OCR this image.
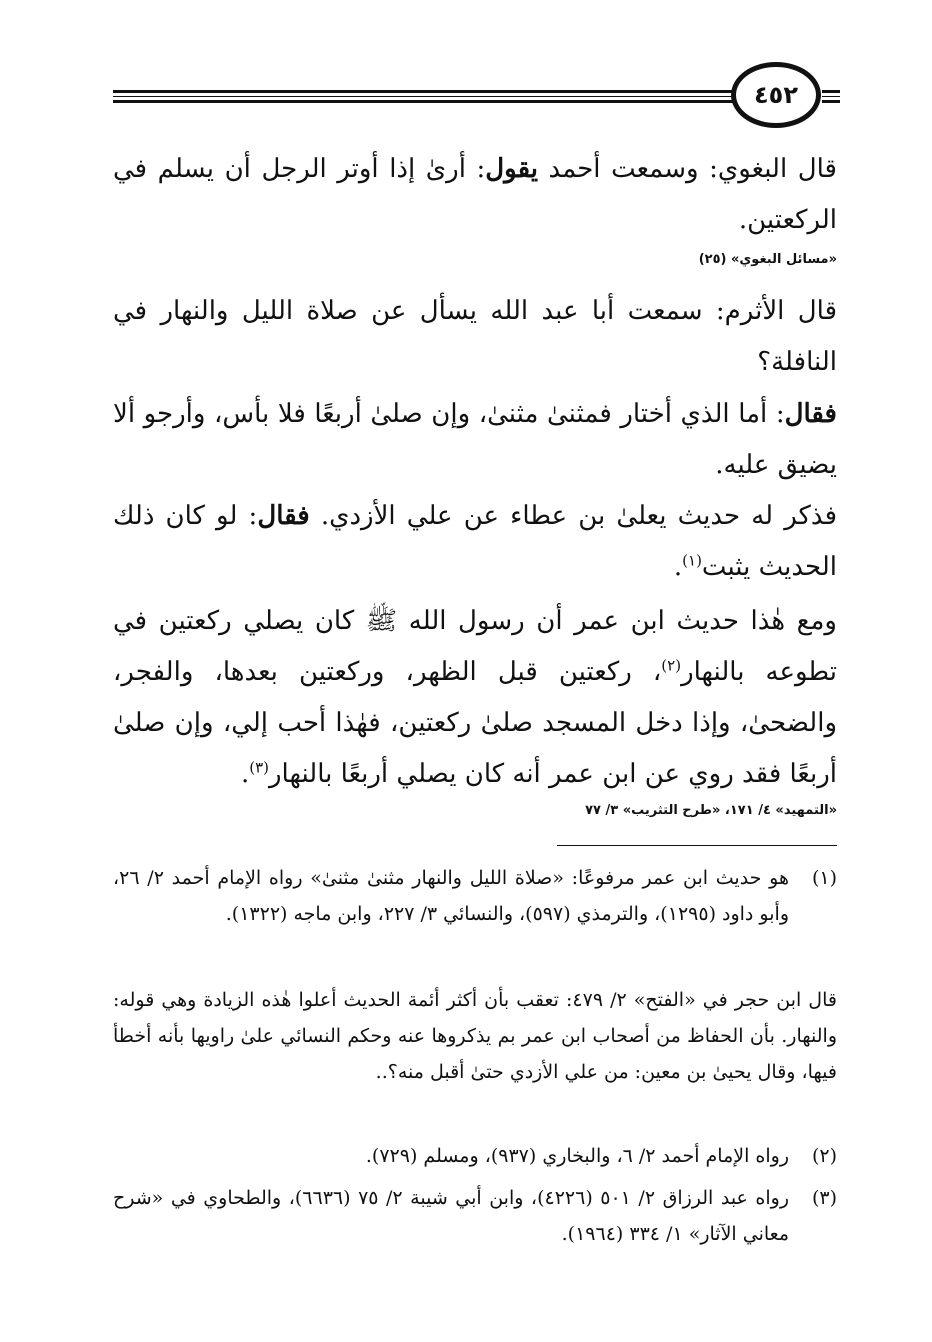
٤٥٢

قال البغوي: وسمعت أحمد يقول: أرىٰ إذا أوتر الرجل أن يسلم في الركعتين.

«مسائل البغوي» (٢٥)

قال الأثرم: سمعت أبا عبد الله يسأل عن صلاة الليل والنهار في النافلة؟

فقال: أما الذي أختار فمثنىٰ مثنىٰ، وإن صلىٰ أربعًا فلا بأس، وأرجو ألا يضيق عليه.

فذكر له حديث يعلىٰ بن عطاء عن علي الأزدي. فقال: لو كان ذلك الحديث يثبت$^{(١)}$.

ومع هٰذا حديث ابن عمر أن رسول الله ﷺ كان يصلي ركعتين في تطوعه بالنهار$^{(٢)}$، ركعتين قبل الظهر، وركعتين بعدها، والفجر، والضحىٰ، وإذا دخل المسجد صلىٰ ركعتين، فهٰذا أحب إلي، وإن صلىٰ أربعًا فقد روي عن ابن عمر أنه كان يصلي أربعًا بالنهار$^{(٣)}$.

«التمهيد» ٤/ ١٧١، «طرح التثريب» ٣/ ٧٧
(١)
هو حديث ابن عمر مرفوعًا: «صلاة الليل والنهار مثنىٰ مثنىٰ» رواه الإمام أحمد ٢/ ٢٦، وأبو داود (١٢٩٥)، والترمذي (٥٩٧)، والنسائي ٣/ ٢٢٧، وابن ماجه (١٣٢٢).
قال ابن حجر في «الفتح» ٢/ ٤٧٩: تعقب بأن أكثر أئمة الحديث أعلوا هٰذه الزيادة وهي قوله: والنهار. بأن الحفاظ من أصحاب ابن عمر بم يذكروها عنه وحكم النسائي علىٰ راويها بأنه أخطأ فيها، وقال يحيىٰ بن معين: من علي الأزدي حتىٰ أقبل منه؟..
(٢)
رواه الإمام أحمد ٢/ ٦، والبخاري (٩٣٧)، ومسلم (٧٢٩).
(٣)
رواه عبد الرزاق ٢/ ٥٠١ (٤٢٢٦)، وابن أبي شيبة ٢/ ٧٥ (٦٦٣٦)، والطحاوي في «شرح معاني الآثار» ١/ ٣٣٤ (١٩٦٤).
